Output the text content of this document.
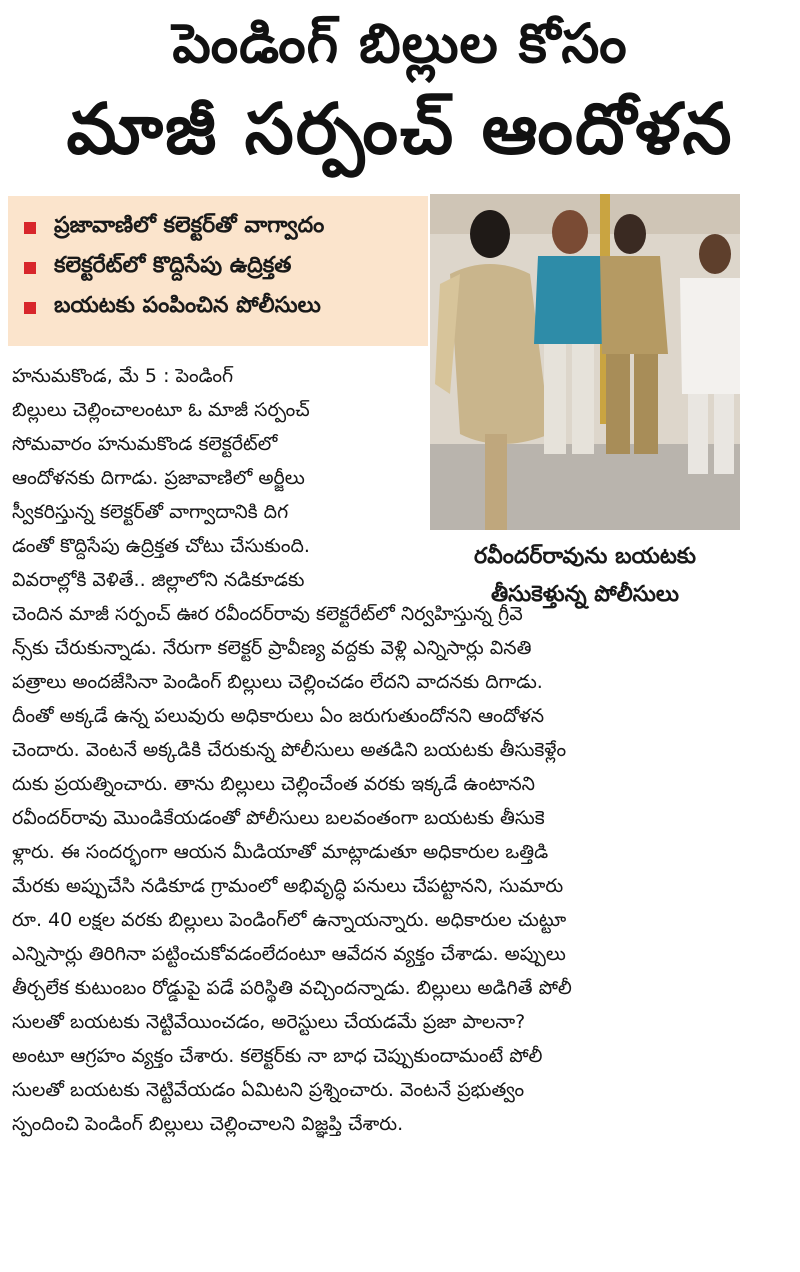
పెండింగ్ బిల్లుల కోసం
మాజీ సర్పంచ్ ఆందోళన
ప్రజావాణిలో కలెక్టర్‌తో వాగ్వాదం
కలెక్టరేట్‌లో కొద్దిసేపు ఉద్రిక్తత
బయటకు పంపించిన పోలీసులు
రవీందర్‌రావును బయటకు
తీసుకెళ్తున్న పోలీసులు
హనుమకొండ, మే 5 : పెండింగ్
బిల్లులు చెల్లించాలంటూ ఓ మాజీ సర్పంచ్
సోమవారం హనుమకొండ కలెక్టరేట్‌లో
ఆందోళనకు దిగాడు. ప్రజావాణిలో అర్జీలు
స్వీకరిస్తున్న కలెక్టర్‌తో వాగ్వాదానికి దిగ
డంతో కొద్దిసేపు ఉద్రిక్తత చోటు చేసుకుంది.
వివరాల్లోకి వెళితే.. జిల్లాలోని నడికూడకు
చెందిన మాజీ సర్పంచ్ ఊర రవీందర్‌రావు కలెక్టరేట్‌లో నిర్వహిస్తున్న గ్రీవె
న్స్‌కు చేరుకున్నాడు. నేరుగా కలెక్టర్ ప్రావీణ్య వద్దకు వెళ్లి ఎన్నిసార్లు వినతి
పత్రాలు అందజేసినా పెండింగ్ బిల్లులు చెల్లించడం లేదని వాదనకు దిగాడు.
దీంతో అక్కడే ఉన్న పలువురు అధికారులు ఏం జరుగుతుందోనని ఆందోళన
చెందారు. వెంటనే అక్కడికి చేరుకున్న పోలీసులు అతడిని బయటకు తీసుకెళ్లేం
దుకు ప్రయత్నించారు. తాను బిల్లులు చెల్లించేంత వరకు ఇక్కడే ఉంటానని
రవీందర్‌రావు మొండికేయడంతో పోలీసులు బలవంతంగా బయటకు తీసుకె
ళ్లారు. ఈ సందర్భంగా ఆయన మీడియాతో మాట్లాడుతూ అధికారుల ఒత్తిడి
మేరకు అప్పుచేసి నడికూడ గ్రామంలో అభివృద్ధి పనులు చేపట్టానని, సుమారు
రూ. 40 లక్షల వరకు బిల్లులు పెండింగ్‌లో ఉన్నాయన్నారు. అధికారుల చుట్టూ
ఎన్నిసార్లు తిరిగినా పట్టించుకోవడంలేదంటూ ఆవేదన వ్యక్తం చేశాడు. అప్పులు
తీర్చలేక కుటుంబం రోడ్డుపై పడే పరిస్థితి వచ్చిందన్నాడు. బిల్లులు అడిగితే పోలీ
సులతో బయటకు నెట్టివేయించడం, అరెస్టులు చేయడమే ప్రజా పాలనా?
అంటూ ఆగ్రహం వ్యక్తం చేశారు. కలెక్టర్‌కు నా బాధ చెప్పుకుందామంటే పోలీ
సులతో బయటకు నెట్టివేయడం ఏమిటని ప్రశ్నించారు. వెంటనే ప్రభుత్వం
స్పందించి పెండింగ్ బిల్లులు చెల్లించాలని విజ్ఞప్తి చేశారు.
